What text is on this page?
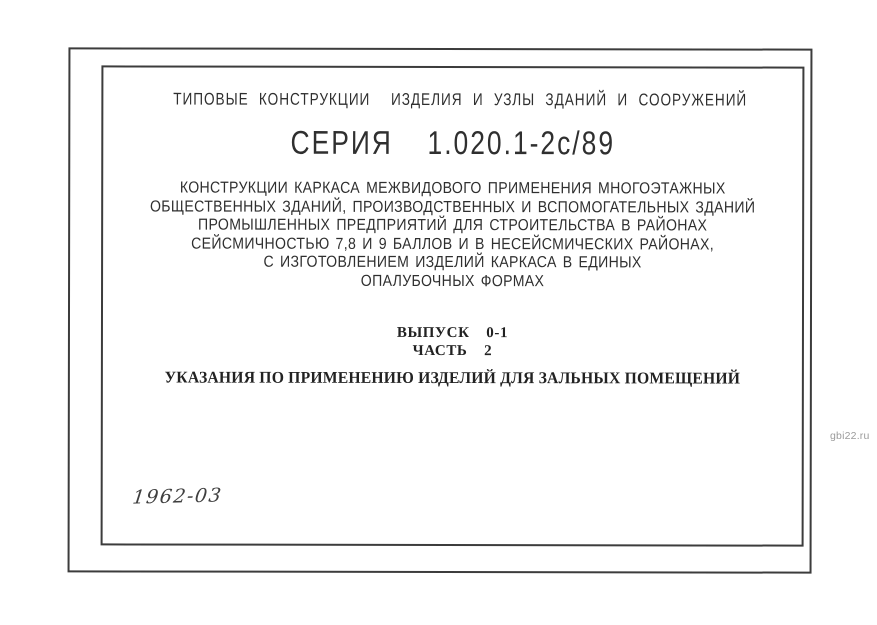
ТИПОВЫЕ КОНСТРУКЦИИ  ИЗДЕЛИЯ И УЗЛЫ ЗДАНИЙ И СООРУЖЕНИЙ
СЕРИЯ  1.020.1-2с/89
КОНСТРУКЦИИ КАРКАСА МЕЖВИДОВОГО ПРИМЕНЕНИЯ МНОГОЭТАЖНЫХ
ОБЩЕСТВЕННЫХ ЗДАНИЙ, ПРОИЗВОДСТВЕННЫХ И ВСПОМОГАТЕЛЬНЫХ ЗДАНИЙ
ПРОМЫШЛЕННЫХ ПРЕДПРИЯТИЙ ДЛЯ СТРОИТЕЛЬСТВА В РАЙОНАХ
СЕЙСМИЧНОСТЬЮ 7,8 И 9 БАЛЛОВ И В НЕСЕЙСМИЧЕСКИХ РАЙОНАХ,
С ИЗГОТОВЛЕНИЕМ ИЗДЕЛИЙ КАРКАСА В ЕДИНЫХ
ОПАЛУБОЧНЫХ ФОРМАХ
ВЫПУСК  0-1
ЧАСТЬ  2
УКАЗАНИЯ ПО ПРИМЕНЕНИЮ ИЗДЕЛИЙ ДЛЯ ЗАЛЬНЫХ ПОМЕЩЕНИЙ
1962-03
gbi22.ru
